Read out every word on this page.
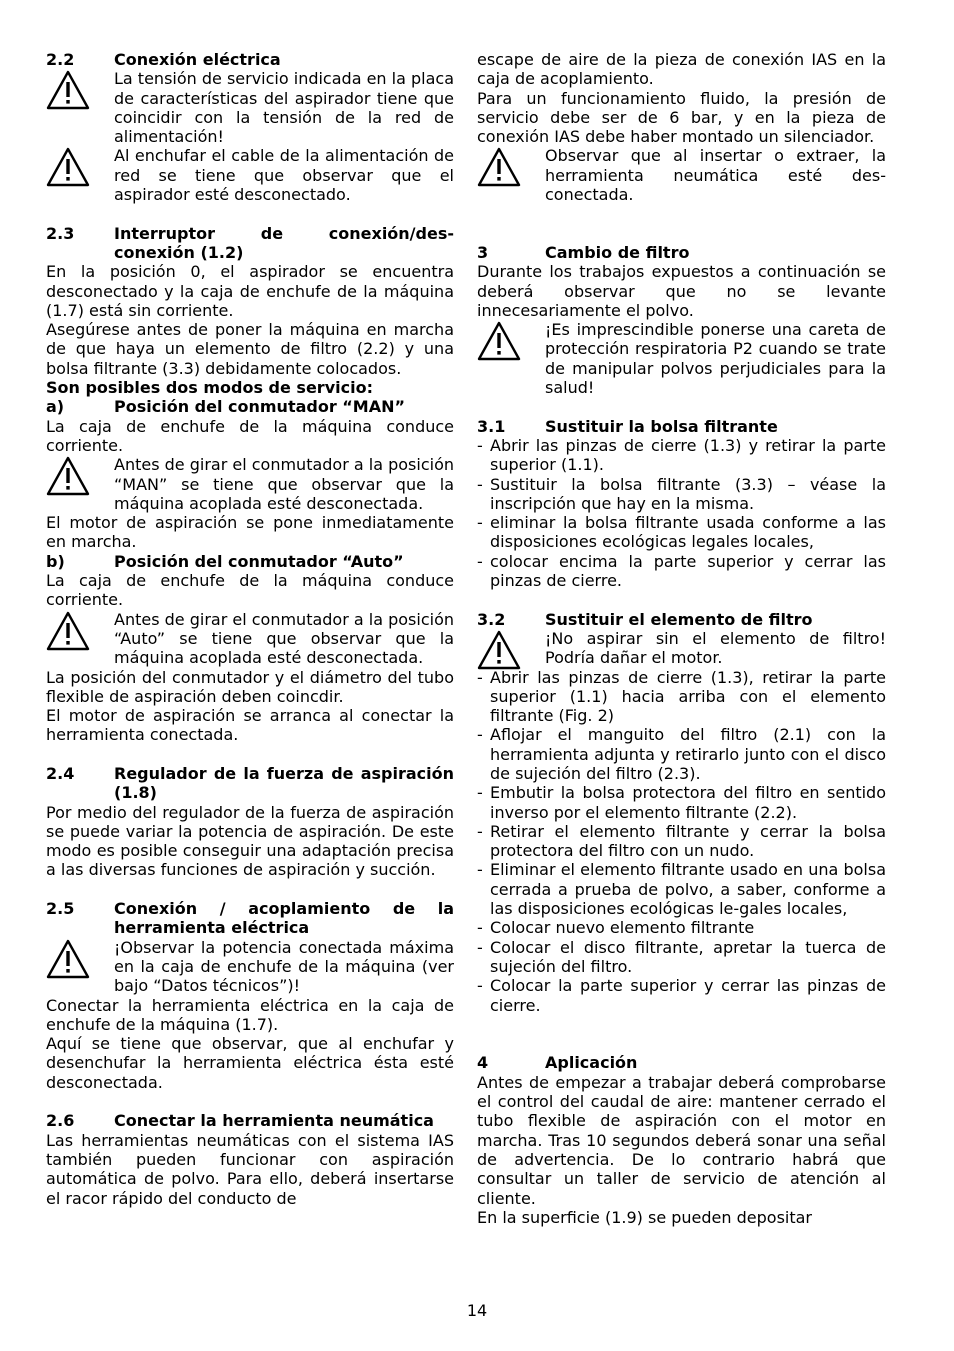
2.2	Conexión eléctrica
La tensión de servicio indicada en la placa de características del aspirador tiene que coincidir con la tensión de la red de alimentación!
Al enchufar el cable de la alimentación de red se tiene que observar que el aspirador esté desconectado.
2.3	Interruptor de conexión/des-conexión (1.2)

En la posición 0, el aspirador se encuentra desconectado y la caja de enchufe de la máquina (1.7) está sin corriente.

Asegúrese antes de poner la máquina en marcha de que haya un elemento de filtro (2.2) y una bolsa filtrante (3.3) debidamente colocados.

Son posibles dos modos de servicio:

a)	Posición del conmutador “MAN”

La caja de enchufe de la máquina conduce corriente.

Antes de girar el conmutador a la posición “MAN” se tiene que observar que la máquina acoplada esté desconectada.

El motor de aspiración se pone inmediatamente en marcha.

b)	Posición del conmutador “Auto”

La caja de enchufe de la máquina conduce corriente.

Antes de girar el conmutador a la posición “Auto” se tiene que observar que la máquina acoplada esté desconectada.

La posición del conmutador y el diámetro del tubo flexible de aspiración deben coincdir.

El motor de aspiración se arranca al conectar la herramienta conectada.

2.4	Regulador de la fuerza de aspiración (1.8)

Por medio del regulador de la fuerza de aspiración se puede variar la potencia de aspiración. De este modo es posible conseguir una adaptación precisa a las diversas funciones de aspiración y succión.

2.5	Conexión / acoplamiento de la herramienta eléctrica
¡Observar la potencia conectada máxima en la caja de enchufe de la máquina (ver bajo “Datos técnicos”)!

Conectar la herramienta eléctrica en la caja de enchufe de la máquina (1.7).

Aquí se tiene que observar, que al enchufar y desenchufar la herramienta eléctrica ésta esté desconectada.

2.6	Conectar la herramienta neumática

Las herramientas neumáticas con el sistema IAS también pueden funcionar con aspiración automática de polvo. Para ello, deberá insertarse el racor rápido del conducto de

escape de aire de la pieza de conexión IAS en la caja de acoplamiento.

Para un funcionamiento fluido, la presión de servicio debe ser de 6 bar, y en la pieza de conexión IAS debe haber montado un silenciador.

Observar que al insertar o extraer, la herramienta neumática esté des-conectada.
3	Cambio de filtro

Durante los trabajos expuestos a continuación se deberá observar que no se levante innecesariamente el polvo.

¡Es imprescindible ponerse una careta de protección respiratoria P2 cuando se trate de manipular polvos perjudiciales para la salud!
3.1	Sustituir la bolsa filtrante
- Abrir las pinzas de cierre (1.3) y retirar la parte superior (1.1).
- Sustituir la bolsa filtrante (3.3) – véase la inscripción que hay en la misma.
- eliminar la bolsa filtrante usada conforme a las disposiciones ecológicas legales locales,
- colocar encima la parte superior y cerrar las pinzas de cierre.
3.2	Sustituir el elemento de filtro
¡No aspirar sin el elemento de filtro! Podría dañar el motor.
- Abrir las pinzas de cierre (1.3), retirar la parte superior (1.1) hacia arriba con el elemento filtrante (Fig. 2)
- Aflojar el manguito del filtro (2.1) con la herramienta adjunta y retirarlo junto con el disco de sujeción del filtro (2.3).
- Embutir la bolsa protectora del filtro en sentido inverso por el elemento filtrante (2.2).
- Retirar el elemento filtrante y cerrar la bolsa protectora del filtro con un nudo.
- Eliminar el elemento filtrante usado en una bolsa cerrada a prueba de polvo, a saber, conforme a las disposiciones ecológicas le-gales locales,
- Colocar nuevo elemento filtrante
- Colocar el disco filtrante, apretar la tuerca de sujeción del filtro.
- Colocar la parte superior y cerrar las pinzas de cierre.
4	Aplicación

Antes de empezar a trabajar deberá comprobarse el control del caudal de aire: mantener cerrado el tubo flexible de aspiración con el motor en marcha. Tras 10 segundos deberá sonar una señal de advertencia. De lo contrario habrá que consultar un taller de servicio de atención al cliente.

En la superficie (1.9) se pueden depositar

14
